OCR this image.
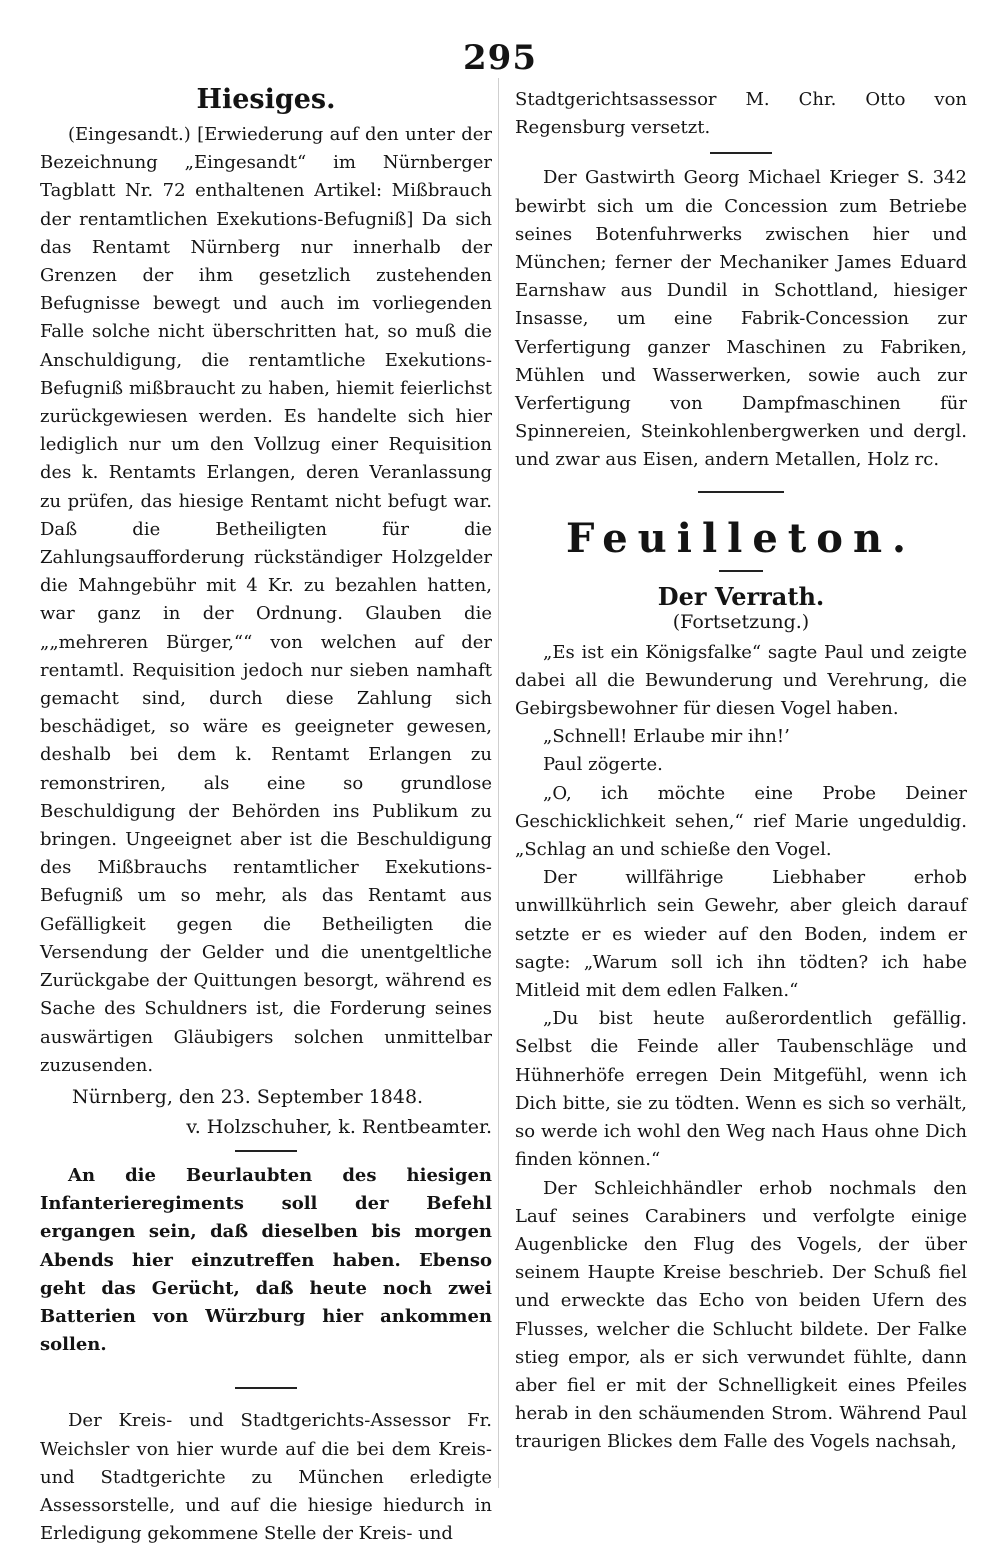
295
Hiesiges.

(Eingesandt.) [Erwiederung auf den unter der Bezeichnung „Eingesandt“ im Nürnberger Tagblatt Nr. 72 enthaltenen Artikel: Mißbrauch der rentamtlichen Exekutions-Befugniß] Da sich das Rentamt Nürnberg nur innerhalb der Grenzen der ihm gesetzlich zustehenden Befugnisse bewegt und auch im vorliegenden Falle solche nicht überschritten hat, so muß die Anschuldigung, die rentamtliche Exekutions-Befugniß mißbraucht zu haben, hiemit feierlichst zurückgewiesen werden. Es handelte sich hier lediglich nur um den Vollzug einer Requisition des k. Rentamts Erlangen, deren Veranlassung zu prüfen, das hiesige Rentamt nicht befugt war. Daß die Betheiligten für die Zahlungsaufforderung rückständiger Holzgelder die Mahngebühr mit 4 Kr. zu bezahlen hatten, war ganz in der Ordnung. Glauben die „„mehreren Bürger,““ von welchen auf der rentamtl. Requisition jedoch nur sieben namhaft gemacht sind, durch diese Zahlung sich beschädiget, so wäre es geeigneter gewesen, deshalb bei dem k. Rentamt Erlangen zu remonstriren, als eine so grundlose Beschuldigung der Behörden ins Publikum zu bringen. Ungeeignet aber ist die Beschuldigung des Mißbrauchs rentamtlicher Exekutions-Befugniß um so mehr, als das Rentamt aus Gefälligkeit gegen die Betheiligten die Versendung der Gelder und die unentgeltliche Zurückgabe der Quittungen besorgt, während es Sache des Schuldners ist, die Forderung seines auswärtigen Gläubigers solchen unmittelbar zuzusenden.

Nürnberg, den 23. September 1848.
v. Holzschuher, k. Rentbeamter.

An die Beurlaubten des hiesigen Infanterieregiments soll der Befehl ergangen sein, daß dieselben bis morgen Abends hier einzutreffen haben. Ebenso geht das Gerücht, daß heute noch zwei Batterien von Würzburg hier ankommen sollen.

Der Kreis- und Stadtgerichts-Assessor Fr. Weichsler von hier wurde auf die bei dem Kreis- und Stadtgerichte zu München erledigte Assessorstelle, und auf die hiesige hiedurch in Erledigung gekommene Stelle der Kreis- und

Stadtgerichtsassessor M. Chr. Otto von Regensburg versetzt.

Der Gastwirth Georg Michael Krieger S. 342 bewirbt sich um die Concession zum Betriebe seines Botenfuhrwerks zwischen hier und München; ferner der Mechaniker James Eduard Earnshaw aus Dundil in Schottland, hiesiger Insasse, um eine Fabrik-Concession zur Verfertigung ganzer Maschinen zu Fabriken, Mühlen und Wasserwerken, sowie auch zur Verfertigung von Dampfmaschinen für Spinnereien, Steinkohlenbergwerken und dergl. und zwar aus Eisen, andern Metallen, Holz rc.

Feuilleton.
Der Verrath.
(Fortsetzung.)

„Es ist ein Königsfalke“ sagte Paul und zeigte dabei all die Bewunderung und Verehrung, die Gebirgsbewohner für diesen Vogel haben.

„Schnell! Erlaube mir ihn!’

Paul zögerte.

„O, ich möchte eine Probe Deiner Geschicklichkeit sehen,“ rief Marie ungeduldig. „Schlag an und schieße den Vogel.

Der willfährige Liebhaber erhob unwillkührlich sein Gewehr, aber gleich darauf setzte er es wieder auf den Boden, indem er sagte: „Warum soll ich ihn tödten? ich habe Mitleid mit dem edlen Falken.“

„Du bist heute außerordentlich gefällig. Selbst die Feinde aller Taubenschläge und Hühnerhöfe erregen Dein Mitgefühl, wenn ich Dich bitte, sie zu tödten. Wenn es sich so verhält, so werde ich wohl den Weg nach Haus ohne Dich finden können.“

Der Schleichhändler erhob nochmals den Lauf seines Carabiners und verfolgte einige Augenblicke den Flug des Vogels, der über seinem Haupte Kreise beschrieb. Der Schuß fiel und erweckte das Echo von beiden Ufern des Flusses, welcher die Schlucht bildete. Der Falke stieg empor, als er sich verwundet fühlte, dann aber fiel er mit der Schnelligkeit eines Pfeiles herab in den schäumenden Strom. Während Paul traurigen Blickes dem Falle des Vogels nachsah,
